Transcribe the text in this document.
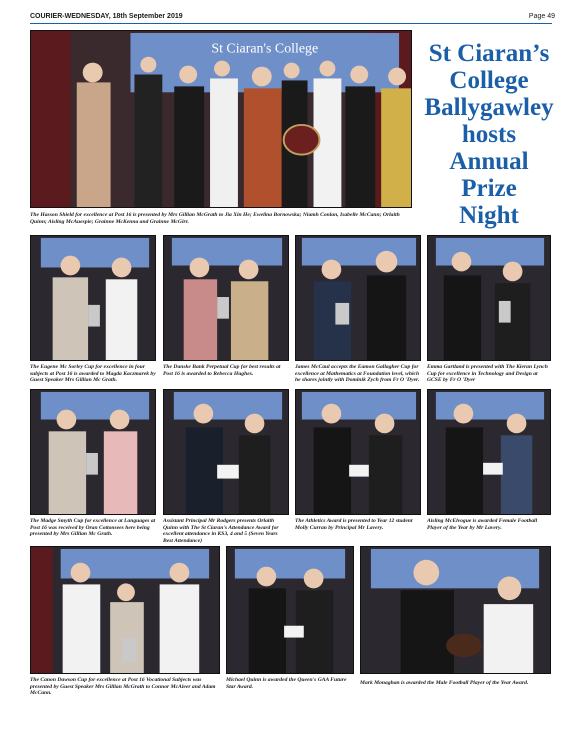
COURIER-WEDNESDAY, 18th September 2019	Page 49
St Ciaran's College
The Hasson Shield for excellence at Post 16 is presented by Mrs Gillian McGrath to Jia Xin He; Ewelina Bornowska; Niamh Conlan, Isabelle McCann; Orlaith Quinn; Aisling McAuespie; Grainne McKenna and Grainne McGirr.
St Ciaran’s
College
Ballygawley
hosts
Annual
Prize
Night
The Eugene Mc Sorley Cup for excellence in four subjects at Post 16 is awarded to Magda Kaczmarek by Guest Speaker Mrs Gillian Mc Grath.
The Danske Bank Perpetual Cup for best results at Post 16 is awarded to Rebecca Hughes.
James McCaul accepts the Eamon Gallagher Cup for excellence at Mathematics at Foundation level, which he shares jointly with Dominik Zych from Fr O 'Dyer.
Emma Gartland is presented with The Kieran Lynch Cup for excellence in Technology and Design at GCSE by Fr O 'Dyer
The Madge Smyth Cup for excellence at Languages at Post 16 was received by Oran Cottonsees here being presented by Mrs Gillian Mc Grath.
Assistant Principal Mr Rodgers presents Orlaith Quinn with The St Ciaran's Attendance Award for excellent attendance in KS3, 4 and 5 (Seven Years Best Attendance)
The Athletics Award is presented to Year 12 student Molly Curran by Principal Mr Lavery.
Aisling McElvogue is awarded Female Football Player of the Year by Mr Lavery.
The Canon Dawson Cup for excellence at Post 16 Vocational Subjects was presented by Guest Speaker Mrs Gillian McGrath to Connor McAleer and Adam McCann.
Michael Quinn is awarded the Queen's GAA Future Star Award.
Mark Monaghan is awarded the Male Football Player of the Year Award.
